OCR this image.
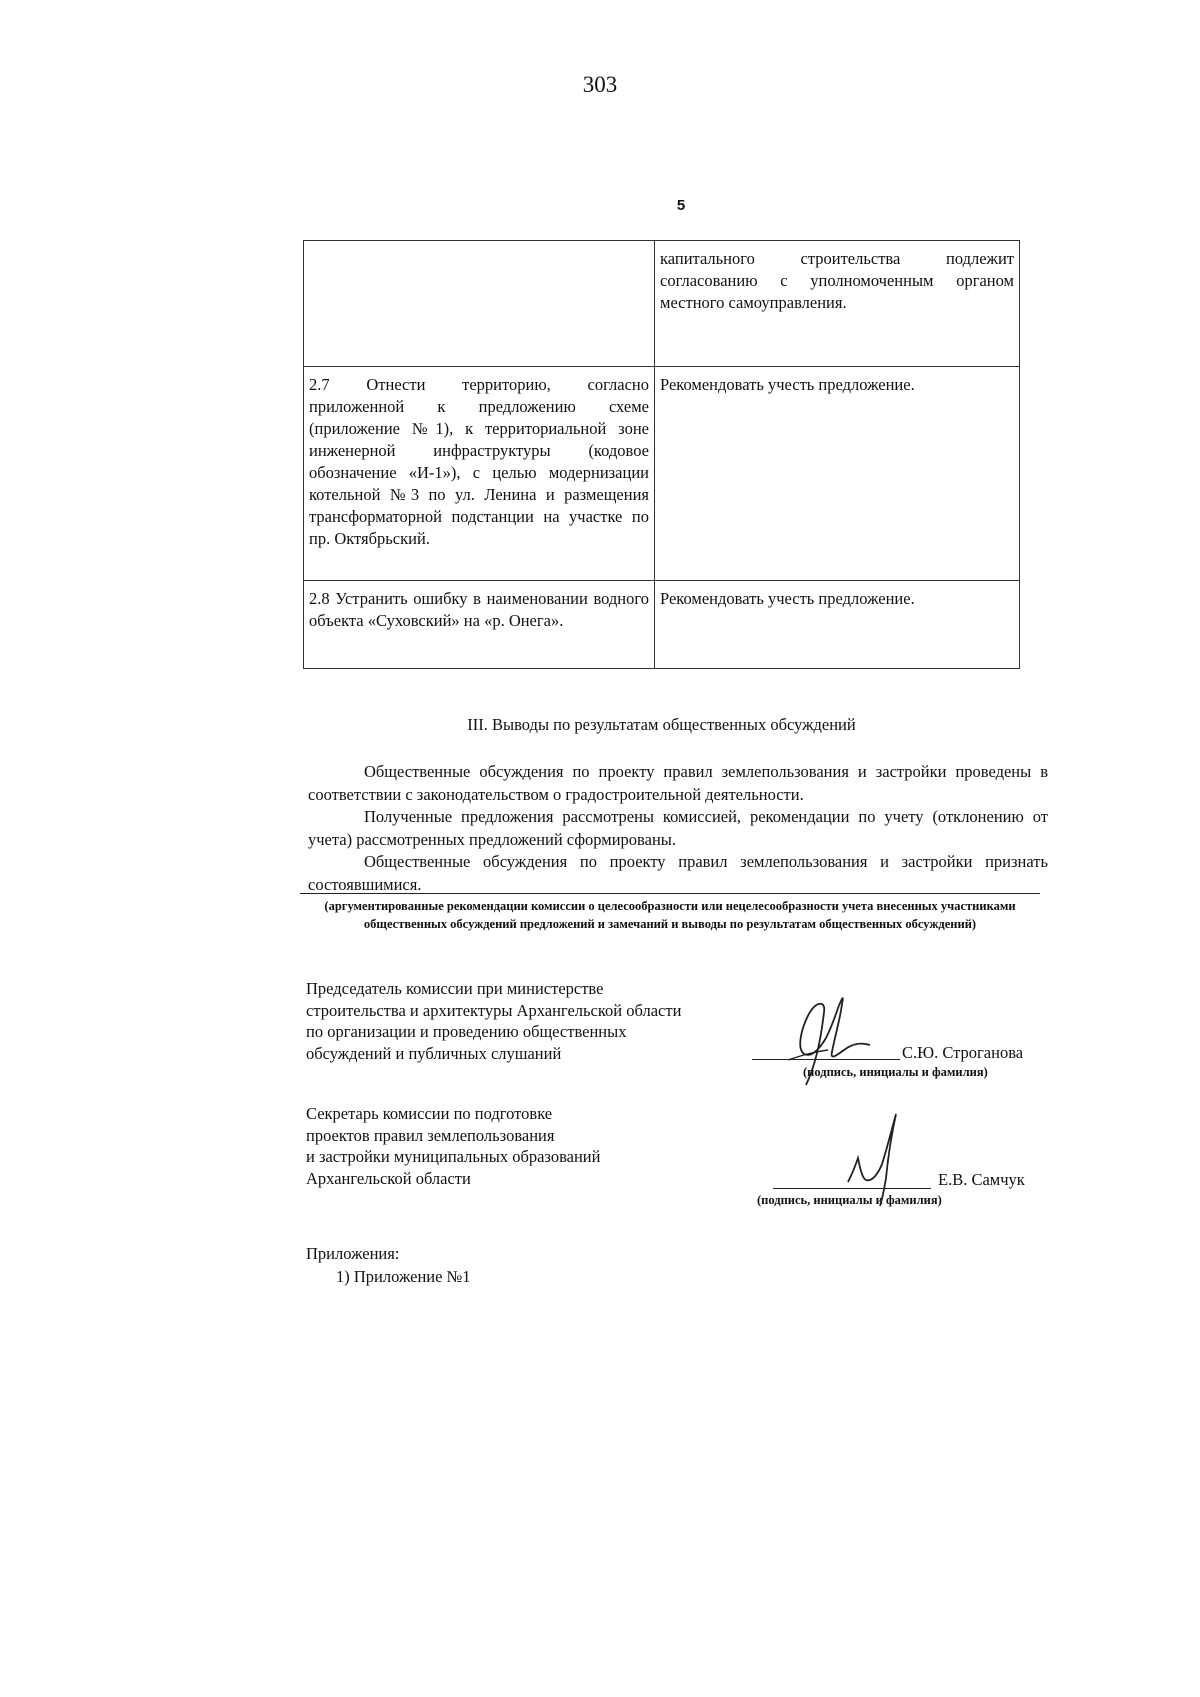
303
5
	капитального строительства подлежит согласованию с уполномоченным органом местного самоуправления.
2.7 Отнести территорию, согласно приложенной к предложению схеме (приложение №1), к территориальной зоне инженерной инфраструктуры (кодовое обозначение «И-1»), с целью модернизации котельной №3 по ул. Ленина и размещения трансформаторной подстанции на участке по пр. Октябрьский.	Рекомендовать учесть предложение.
2.8 Устранить ошибку в наименовании водного объекта «Суховский» на «р. Онега».	Рекомендовать учесть предложение.
III. Выводы по результатам общественных обсуждений

Общественные обсуждения по проекту правил землепользования и застройки проведены в соответствии с законодательством о градостроительной деятельности.

Полученные предложения рассмотрены комиссией, рекомендации по учету (отклонению от учета) рассмотренных предложений сформированы.

Общественные обсуждения по проекту правил землепользования и застройки признать состоявшимися.

(аргументированные рекомендации комиссии о целесообразности или нецелесообразности учета внесенных участниками общественных обсуждений предложений и замечаний и выводы по результатам общественных обсуждений)
Председатель комиссии при министерстве
строительства и архитектуры Архангельской области
по организации и проведению общественных
обсуждений и публичных слушаний	С.Ю. Строганова
(подпись, инициалы и фамилия)
Секретарь комиссии по подготовке
проектов правил землепользования
и застройки муниципальных образований
Архангельской области	Е.В. Самчук
(подпись, инициалы и фамилия)
Приложения:
1) Приложение №1
